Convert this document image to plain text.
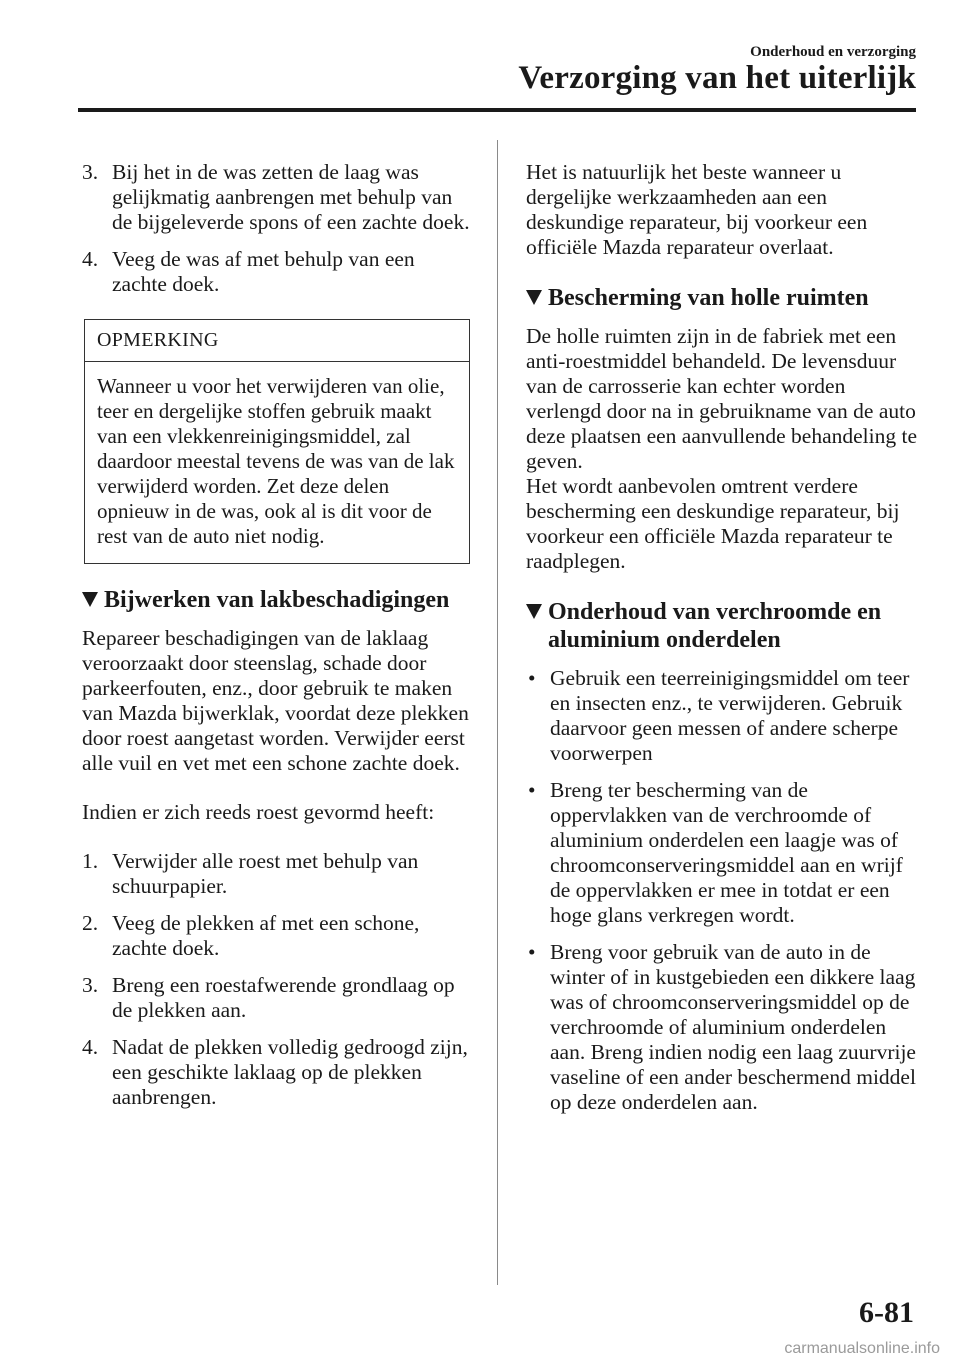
Onderhoud en verzorging
Verzorging van het uiterlijk
3. Bij het in de was zetten de laag was gelijkmatig aanbrengen met behulp van de bijgeleverde spons of een zachte doek.
4. Veeg de was af met behulp van een zachte doek.
OPMERKING
Wanneer u voor het verwijderen van olie, teer en dergelijke stoffen gebruik maakt van een vlekkenreinigingsmiddel, zal daardoor meestal tevens de was van de lak verwijderd worden. Zet deze delen opnieuw in de was, ook al is dit voor de rest van de auto niet nodig.
Bijwerken van lakbeschadigingen

Repareer beschadigingen van de laklaag veroorzaakt door steenslag, schade door parkeerfouten, enz., door gebruik te maken van Mazda bijwerklak, voordat deze plekken door roest aangetast worden. Verwijder eerst alle vuil en vet met een schone zachte doek.

Indien er zich reeds roest gevormd heeft:

1. Verwijder alle roest met behulp van schuurpapier.
2. Veeg de plekken af met een schone, zachte doek.
3. Breng een roestafwerende grondlaag op de plekken aan.
4. Nadat de plekken volledig gedroogd zijn, een geschikte laklaag op de plekken aanbrengen.

Het is natuurlijk het beste wanneer u dergelijke werkzaamheden aan een deskundige reparateur, bij voorkeur een officiële Mazda reparateur overlaat.

Bescherming van holle ruimten

De holle ruimten zijn in de fabriek met een anti-roestmiddel behandeld. De levensduur van de carrosserie kan echter worden verlengd door na in gebruikname van de auto deze plaatsen een aanvullende behandeling te geven.

Het wordt aanbevolen omtrent verdere bescherming een deskundige reparateur, bij voorkeur een officiële Mazda reparateur te raadplegen.

Onderhoud van verchroomde en aluminium onderdelen
• Gebruik een teerreinigingsmiddel om teer en insecten enz., te verwijderen. Gebruik daarvoor geen messen of andere scherpe voorwerpen
• Breng ter bescherming van de oppervlakken van de verchroomde of aluminium onderdelen een laagje was of chroomconserveringsmiddel aan en wrijf de oppervlakken er mee in totdat er een hoge glans verkregen wordt.
• Breng voor gebruik van de auto in de winter of in kustgebieden een dikkere laag was of chroomconserveringsmiddel op de verchroomde of aluminium onderdelen aan. Breng indien nodig een laag zuurvrije vaseline of een ander beschermend middel op deze onderdelen aan.
6-81
carmanualsonline.info
